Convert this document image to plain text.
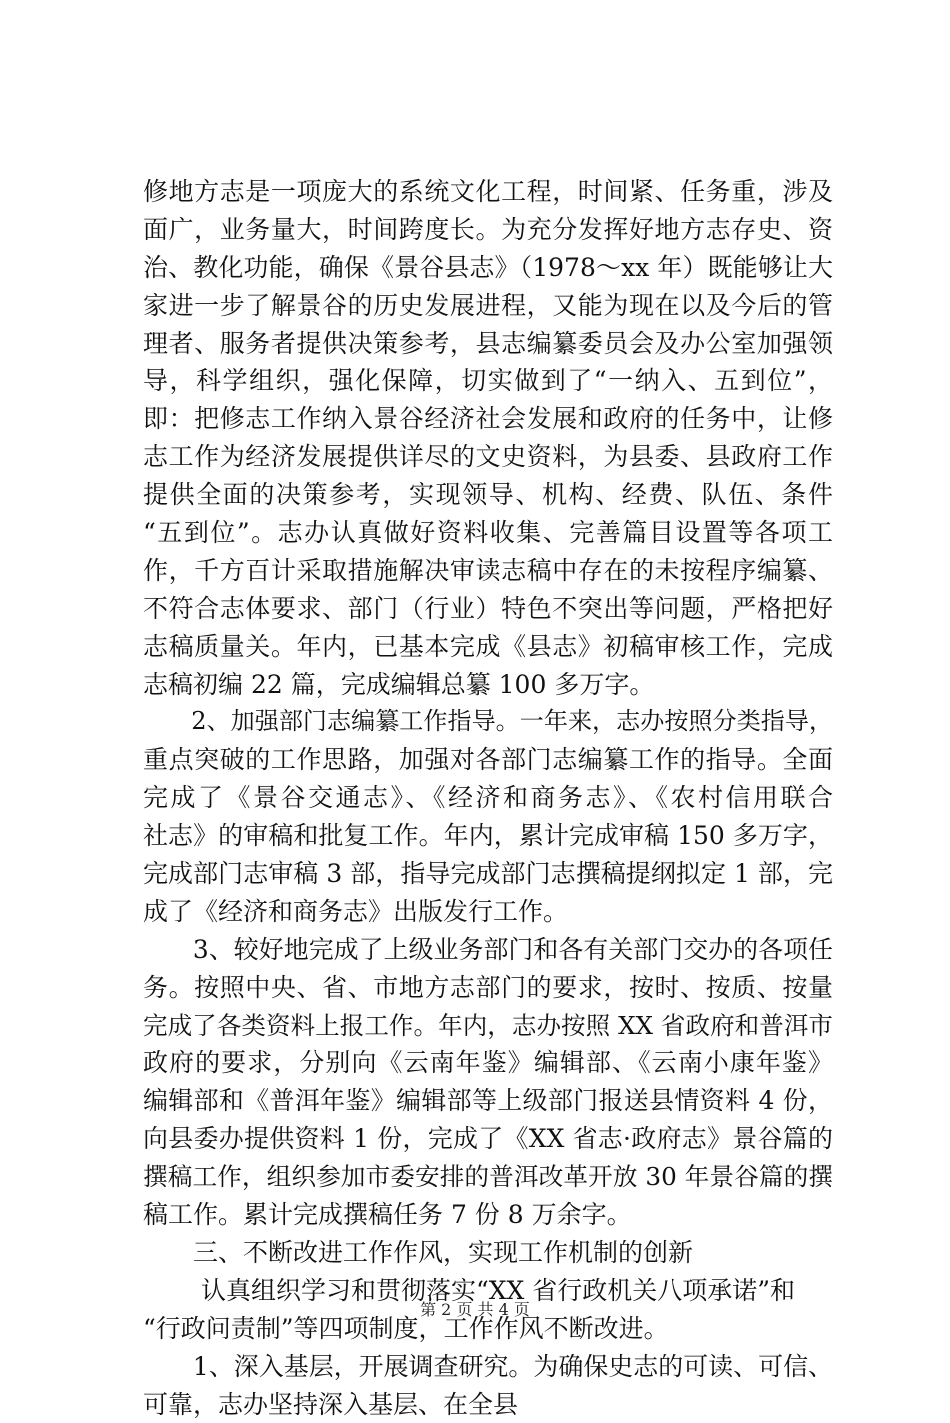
修地方志是一项庞大的系统文化工程，时间紧、任务重，涉及
面广，业务量大，时间跨度长。为充分发挥好地方志存史、资
治、教化功能，确保《景谷县志》（1978～xx 年）既能够让大
家进一步了解景谷的历史发展进程，又能为现在以及今后的管
理者、服务者提供决策参考，县志编纂委员会及办公室加强领
导，科学组织，强化保障，切实做到了“一纳入、五到位”，
即：把修志工作纳入景谷经济社会发展和政府的任务中，让修
志工作为经济发展提供详尽的文史资料，为县委、县政府工作
提供全面的决策参考，实现领导、机构、经费、队伍、条件
“五到位”。志办认真做好资料收集、完善篇目设置等各项工
作，千方百计采取措施解决审读志稿中存在的未按程序编纂、
不符合志体要求、部门（行业）特色不突出等问题，严格把好
志稿质量关。年内，已基本完成《县志》初稿审核工作，完成
志稿初编 22 篇，完成编辑总纂 100 多万字。
　　2、加强部门志编纂工作指导。一年来，志办按照分类指导，
重点突破的工作思路，加强对各部门志编纂工作的指导。全面
完成了《景谷交通志》、《经济和商务志》、《农村信用联合
社志》的审稿和批复工作。年内，累计完成审稿 150 多万字，
完成部门志审稿 3 部，指导完成部门志撰稿提纲拟定 1 部，完
成了《经济和商务志》出版发行工作。
　　3、较好地完成了上级业务部门和各有关部门交办的各项任
务。按照中央、省、市地方志部门的要求，按时、按质、按量
完成了各类资料上报工作。年内，志办按照 XX 省政府和普洱市
政府的要求，分别向《云南年鉴》编辑部、《云南小康年鉴》
编辑部和《普洱年鉴》编辑部等上级部门报送县情资料 4 份，
向县委办提供资料 1 份，完成了《XX 省志·政府志》景谷篇的
撰稿工作，组织参加市委安排的普洱改革开放 30 年景谷篇的撰
稿工作。累计完成撰稿任务 7 份 8 万余字。
　　三、不断改进工作作风，实现工作机制的创新
　　 认真组织学习和贯彻落实“XX 省行政机关八项承诺”和
“行政问责制”等四项制度，工作作风不断改进。
　　1、深入基层，开展调查研究。为确保史志的可读、可信、
可靠，志办坚持深入基层、在全县
第 2 页 共 4 页
